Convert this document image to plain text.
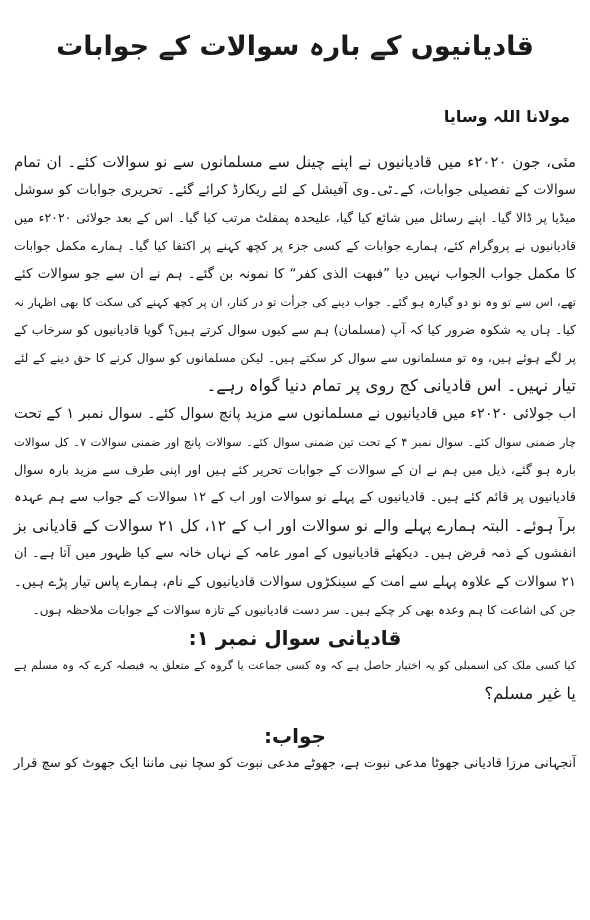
قادیانیوں کے بارہ سوالات کے جوابات
مولانا اللہ وسایا
مئی، جون ۲۰۲۰ء میں قادیانیوں نے اپنے چینل سے مسلمانوں سے نو سوالات کئے۔ ان تمام
سوالات کے تفصیلی جوابات، کے۔ٹی۔وی آفیشل کے لئے ریکارڈ کرائے گئے۔ تحریری جوابات کو سوشل
میڈیا پر ڈالا گیا۔ اپنے رسائل میں شائع کیا گیا، علیحدہ پمفلٹ مرتب کیا گیا۔ اس کے بعد جولائی ۲۰۲۰ء میں
قادیانیوں نے پروگرام کئے، ہمارے جوابات کے کسی جزء پر کچھ کہنے پر اکتفا کیا گیا۔ ہمارے مکمل جوابات
کا مکمل جواب الجواب نہیں دیا ”فبھت الذی کفر“ کا نمونہ بن گئے۔ ہم نے ان سے جو سوالات کئے
تھے، اس سے تو وہ نو دو گیارہ ہو گئے۔ جواب دینے کی جرأت تو در کنار، ان پر کچھ کہنے کی سکت کا بھی اظہار نہ
کیا۔ ہاں یہ شکوہ ضرور کیا کہ آپ (مسلمان) ہم سے کیوں سوال کرتے ہیں؟ گویا قادیانیوں کو سرخاب کے
پر لگے ہوئے ہیں، وہ تو مسلمانوں سے سوال کر سکتے ہیں۔ لیکن مسلمانوں کو سوال کرنے کا حق دینے کے لئے
تیار نہیں۔ اس قادیانی کج روی پر تمام دنیا گواہ رہے۔
اب جولائی ۲۰۲۰ء میں قادیانیوں نے مسلمانوں سے مزید پانچ سوال کئے۔ سوال نمبر ۱ کے تحت
چار ضمنی سوال کئے۔ سوال نمبر ۴ کے تحت تین ضمنی سوال کئے۔ سوالات پانچ اور ضمنی سوالات ۷۔ کل سوالات
بارہ ہو گئے، ذیل میں ہم نے ان کے سوالات کے جوابات تحریر کئے ہیں اور اپنی طرف سے مزید بارہ سوال
قادیانیوں پر قائم کئے ہیں۔ قادیانیوں کے پہلے نو سوالات اور اب کے ۱۲ سوالات کے جواب سے ہم عہدہ
برآ ہوئے۔ البتہ ہمارے پہلے والے نو سوالات اور اب کے ۱۲، کل ۲۱ سوالات کے قادیانی بز
انفشوں کے ذمہ قرض ہیں۔ دیکھئے قادیانیوں کے امور عامہ کے نہاں خانہ سے کیا ظہور میں آتا ہے۔ ان
۲۱ سوالات کے علاوہ پہلے سے امت کے سینکڑوں سوالات قادیانیوں کے نام، ہمارے پاس تیار پڑے ہیں۔
جن کی اشاعت کا ہم وعدہ بھی کر چکے ہیں۔ سر دست قادیانیوں کے تازہ سوالات کے جوابات ملاحظہ ہوں۔
قادیانی سوال نمبر ۱:
کیا کسی ملک کی اسمبلی کو یہ اختیار حاصل ہے کہ وہ کسی جماعت یا گروہ کے متعلق یہ فیصلہ کرے کہ وہ مسلم ہے
یا غیر مسلم؟
جواب:
آنجہانی مرزا قادیانی جھوٹا مدعی نبوت ہے، جھوٹے مدعی نبوت کو سچا نبی ماننا ایک جھوٹ کو سچ قرار
